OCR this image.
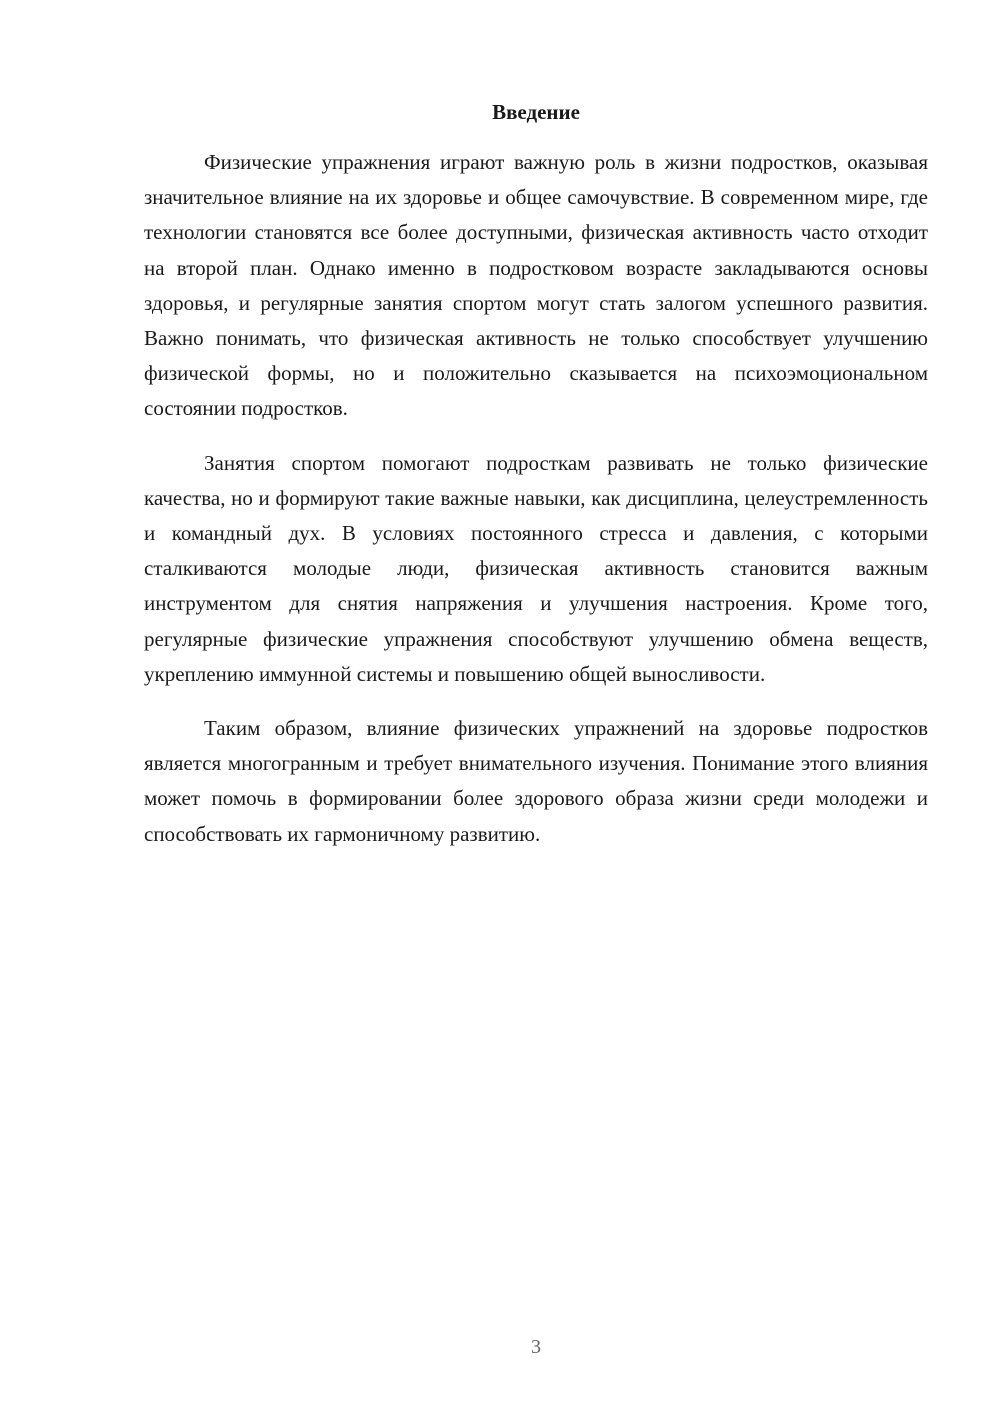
Введение

Физические упражнения играют важную роль в жизни подростков, оказывая значительное влияние на их здоровье и общее самочувствие. В современном мире, где технологии становятся все более доступными, физическая активность часто отходит на второй план. Однако именно в подростковом возрасте закладываются основы здоровья, и регулярные занятия спортом могут стать залогом успешного развития. Важно понимать, что физическая активность не только способствует улучшению физической формы, но и положительно сказывается на психоэмоциональном состоянии подростков.

Занятия спортом помогают подросткам развивать не только физические качества, но и формируют такие важные навыки, как дисциплина, целеустремленность и командный дух. В условиях постоянного стресса и давления, с которыми сталкиваются молодые люди, физическая активность становится важным инструментом для снятия напряжения и улучшения настроения. Кроме того, регулярные физические упражнения способствуют улучшению обмена веществ, укреплению иммунной системы и повышению общей выносливости.

Таким образом, влияние физических упражнений на здоровье подростков является многогранным и требует внимательного изучения. Понимание этого влияния может помочь в формировании более здорового образа жизни среди молодежи и способствовать их гармоничному развитию.

3
